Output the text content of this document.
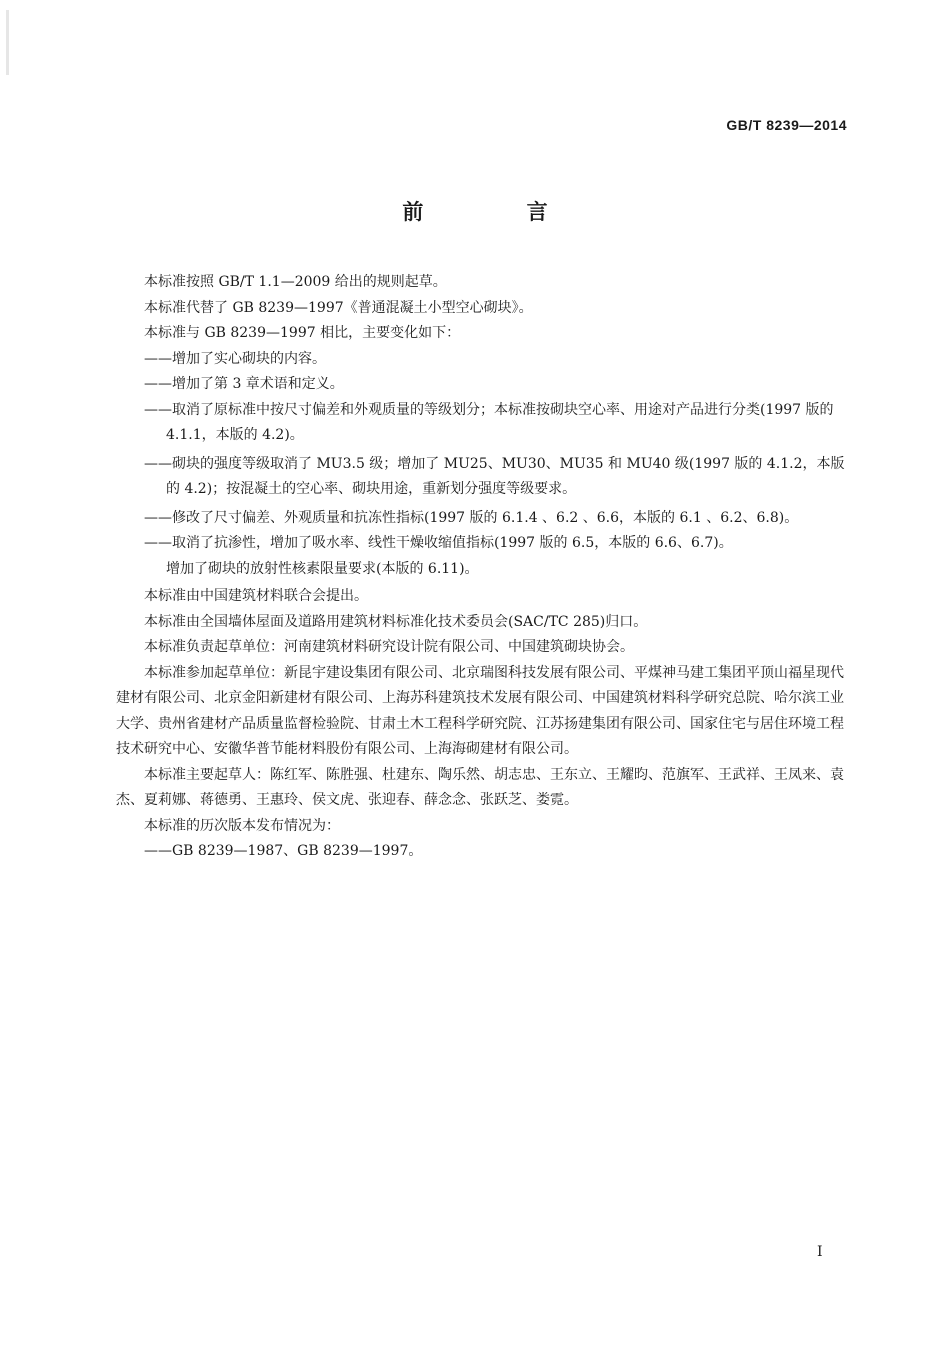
GB/T 8239—2014
前 言

本标准按照 GB/T 1.1—2009 给出的规则起草。

本标准代替了 GB 8239—1997《普通混凝土小型空心砌块》。

本标准与 GB 8239—1997 相比，主要变化如下：

——增加了实心砌块的内容。

——增加了第 3 章术语和定义。

——取消了原标准中按尺寸偏差和外观质量的等级划分；本标准按砌块空心率、用途对产品进行分类(1997 版的 4.1.1，本版的 4.2)。

——砌块的强度等级取消了 MU3.5 级；增加了 MU25、MU30、MU35 和 MU40 级(1997 版的 4.1.2，本版的 4.2)；按混凝土的空心率、砌块用途，重新划分强度等级要求。

——修改了尺寸偏差、外观质量和抗冻性指标(1997 版的 6.1.4 、6.2 、6.6，本版的 6.1 、6.2、6.8)。

——取消了抗渗性，增加了吸水率、线性干燥收缩值指标(1997 版的 6.5，本版的 6.6、6.7)。

增加了砌块的放射性核素限量要求(本版的 6.11)。

本标准由中国建筑材料联合会提出。

本标准由全国墙体屋面及道路用建筑材料标准化技术委员会(SAC/TC 285)归口。

本标准负责起草单位：河南建筑材料研究设计院有限公司、中国建筑砌块协会。

本标准参加起草单位：新昆宇建设集团有限公司、北京瑞图科技发展有限公司、平煤神马建工集团平顶山福星现代建材有限公司、北京金阳新建材有限公司、上海苏科建筑技术发展有限公司、中国建筑材料科学研究总院、哈尔滨工业大学、贵州省建材产品质量监督检验院、甘肃土木工程科学研究院、江苏扬建集团有限公司、国家住宅与居住环境工程技术研究中心、安徽华普节能材料股份有限公司、上海海砌建材有限公司。

本标准主要起草人：陈红军、陈胜强、杜建东、陶乐然、胡志忠、王东立、王耀昀、范旗军、王武祥、王凤来、袁杰、夏莉娜、蒋德勇、王惠玲、侯文虎、张迎春、薛念念、张跃芝、娄霓。

本标准的历次版本发布情况为：

——GB 8239—1987、GB 8239—1997。

I
